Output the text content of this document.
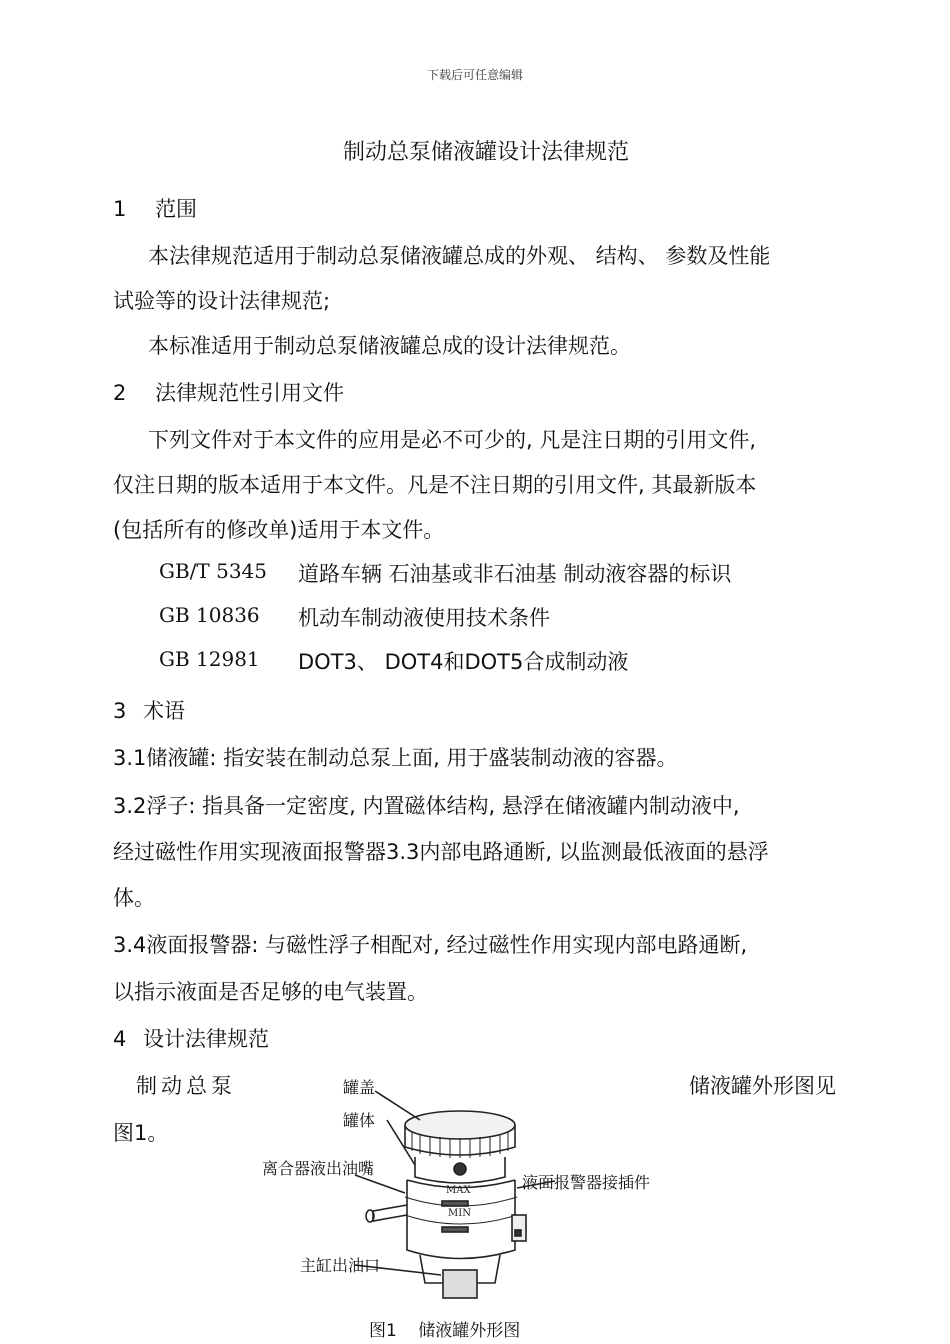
下载后可任意编辑
制动总泵储液罐设计法律规范
1 范围
本法律规范适用于制动总泵储液罐总成的外观、 结构、 参数及性能
试验等的设计法律规范;
本标准适用于制动总泵储液罐总成的设计法律规范。
2 法律规范性引用文件
下列文件对于本文件的应用是必不可少的, 凡是注日期的引用文件,
仅注日期的版本适用于本文件。凡是不注日期的引用文件, 其最新版本
(包括所有的修改单)适用于本文件。
GB/T 5345 道路车辆 石油基或非石油基 制动液容器的标识
GB 10836 机动车制动液使用技术条件
GB 12981 DOT3、 DOT4和DOT5合成制动液
3 术语
3.1储液罐: 指安装在制动总泵上面, 用于盛装制动液的容器。
3.2浮子: 指具备一定密度, 内置磁体结构, 悬浮在储液罐内制动液中,
经过磁性作用实现液面报警器3.3内部电路通断, 以监测最低液面的悬浮
体。
3.4液面报警器: 与磁性浮子相配对, 经过磁性作用实现内部电路通断,
以指示液面是否足够的电气装置。
4 设计法律规范
制动总泵	储液罐外形图见
图1。
MAX
MIN
罐盖
罐体
离合器液出油嘴
液面报警器接插件
主缸出油口
图1 储液罐外形图
